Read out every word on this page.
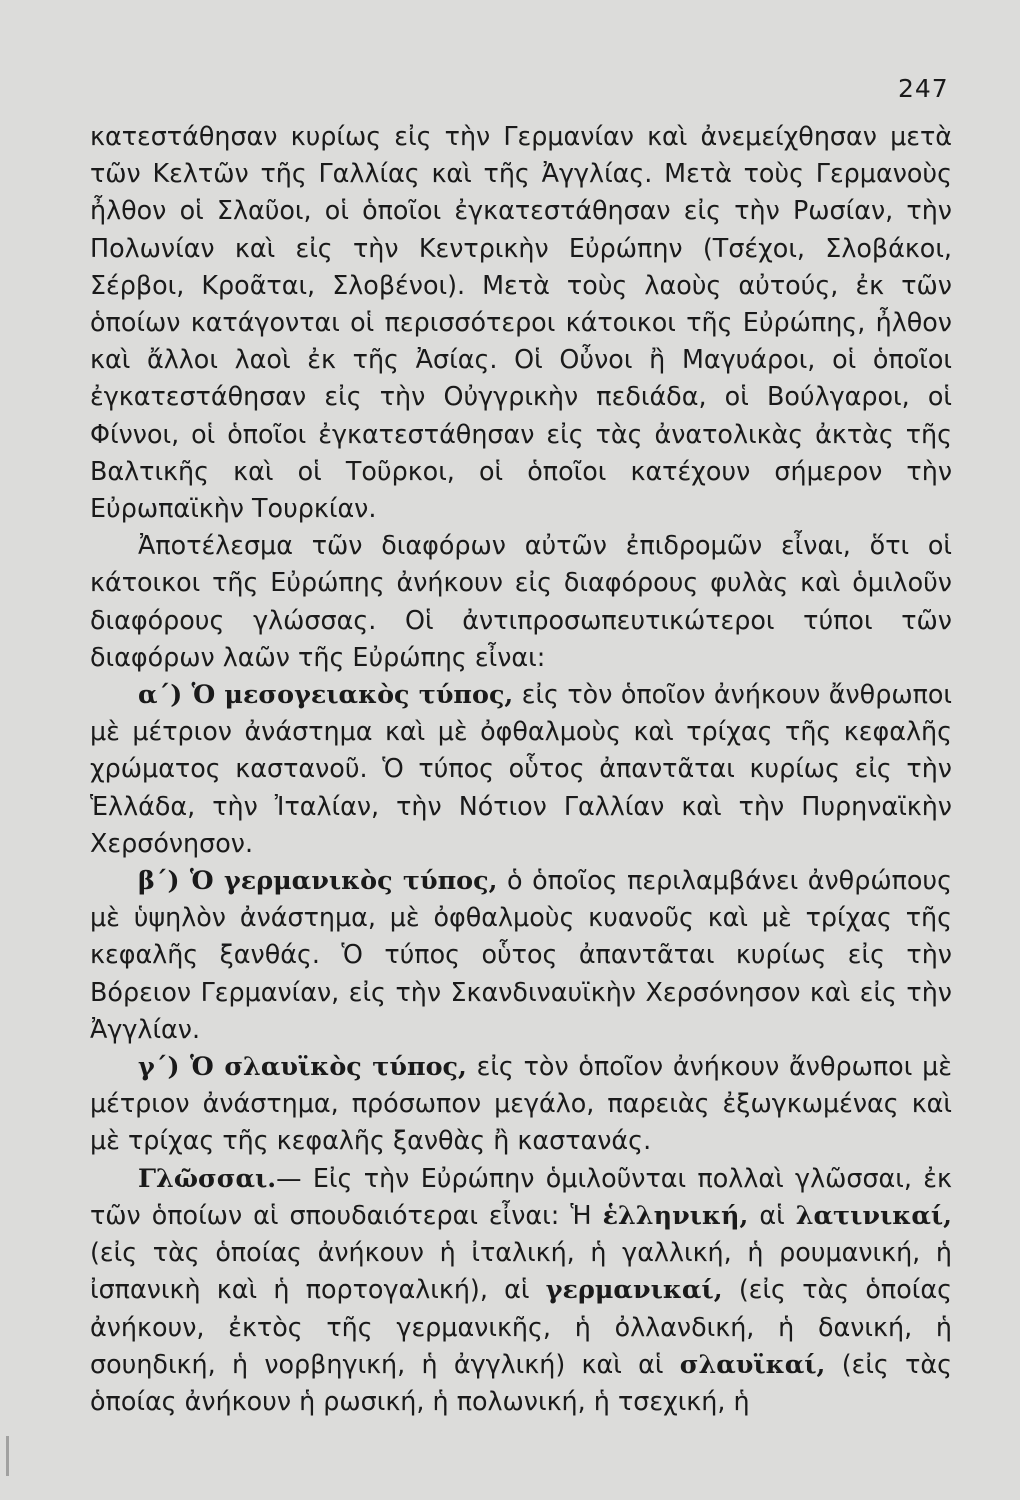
247

κατεστάθησαν κυρίως εἰς τὴν Γερμανίαν καὶ ἀνεμείχθησαν μετὰ τῶν Κελτῶν τῆς Γαλλίας καὶ τῆς Ἀγγλίας. Μετὰ τοὺς Γερμανοὺς ἦλθον οἱ Σλαῦοι, οἱ ὁποῖοι ἐγκατεστάθησαν εἰς τὴν Ρωσίαν, τὴν Πολωνίαν καὶ εἰς τὴν Κεντρικὴν Εὐρώπην (Τσέχοι, Σλοβάκοι, Σέρβοι, Κροᾶται, Σλοβένοι). Μετὰ τοὺς λαοὺς αὐτούς, ἐκ τῶν ὁποίων κατάγονται οἱ περισσότεροι κάτοικοι τῆς Εὐρώπης, ἦλθον καὶ ἄλλοι λαοὶ ἐκ τῆς Ἀσίας. Οἱ Οὖνοι ἢ Μαγυάροι, οἱ ὁποῖοι ἐγκατεστάθησαν εἰς τὴν Οὐγγρικὴν πεδιάδα, οἱ Βούλγαροι, οἱ Φίννοι, οἱ ὁποῖοι ἐγκατεστάθησαν εἰς τὰς ἀνατολικὰς ἀκτὰς τῆς Βαλτικῆς καὶ οἱ Τοῦρκοι, οἱ ὁποῖοι κατέχουν σήμερον τὴν Εὐρωπαϊκὴν Τουρκίαν.

Ἀποτέλεσμα τῶν διαφόρων αὐτῶν ἐπιδρομῶν εἶναι, ὅτι οἱ κάτοικοι τῆς Εὐρώπης ἀνήκουν εἰς διαφόρους φυλὰς καὶ ὁμιλοῦν διαφόρους γλώσσας. Οἱ ἀντιπροσωπευτικώτεροι τύποι τῶν διαφόρων λαῶν τῆς Εὐρώπης εἶναι:

α΄) Ὁ μεσογειακὸς τύπος, εἰς τὸν ὁποῖον ἀνήκουν ἄνθρωποι μὲ μέτριον ἀνάστημα καὶ μὲ ὀφθαλμοὺς καὶ τρίχας τῆς κεφαλῆς χρώματος καστανοῦ. Ὁ τύπος οὗτος ἀπαντᾶται κυρίως εἰς τὴν Ἑλλάδα, τὴν Ἰταλίαν, τὴν Νότιον Γαλλίαν καὶ τὴν Πυρηναϊκὴν Χερσόνησον.

β΄) Ὁ γερμανικὸς τύπος, ὁ ὁποῖος περιλαμβάνει ἀνθρώπους μὲ ὑψηλὸν ἀνάστημα, μὲ ὀφθαλμοὺς κυανοῦς καὶ μὲ τρίχας τῆς κεφαλῆς ξανθάς. Ὁ τύπος οὗτος ἀπαντᾶται κυρίως εἰς τὴν Βόρειον Γερμανίαν, εἰς τὴν Σκανδιναυϊκὴν Χερσόνησον καὶ εἰς τὴν Ἀγγλίαν.

γ΄) Ὁ σλαυϊκὸς τύπος, εἰς τὸν ὁποῖον ἀνήκουν ἄνθρωποι μὲ μέτριον ἀνάστημα, πρόσωπον μεγάλο, παρειὰς ἐξωγκωμένας καὶ μὲ τρίχας τῆς κεφαλῆς ξανθὰς ἢ καστανάς.

Γλῶσσαι.— Εἰς τὴν Εὐρώπην ὁμιλοῦνται πολλαὶ γλῶσσαι, ἐκ τῶν ὁποίων αἱ σπουδαιότεραι εἶναι: Ἡ ἑλληνική, αἱ λατινικαί, (εἰς τὰς ὁποίας ἀνήκουν ἡ ἰταλική, ἡ γαλλική, ἡ ρουμανική, ἡ ἰσπανικὴ καὶ ἡ πορτογαλική), αἱ γερμανικαί, (εἰς τὰς ὁποίας ἀνήκουν, ἐκτὸς τῆς γερμανικῆς, ἡ ὀλλανδική, ἡ δανική, ἡ σουηδική, ἡ νορβηγική, ἡ ἀγγλική) καὶ αἱ σλαυϊκαί, (εἰς τὰς ὁποίας ἀνήκουν ἡ ρωσική, ἡ πολωνική, ἡ τσεχική, ἡ
